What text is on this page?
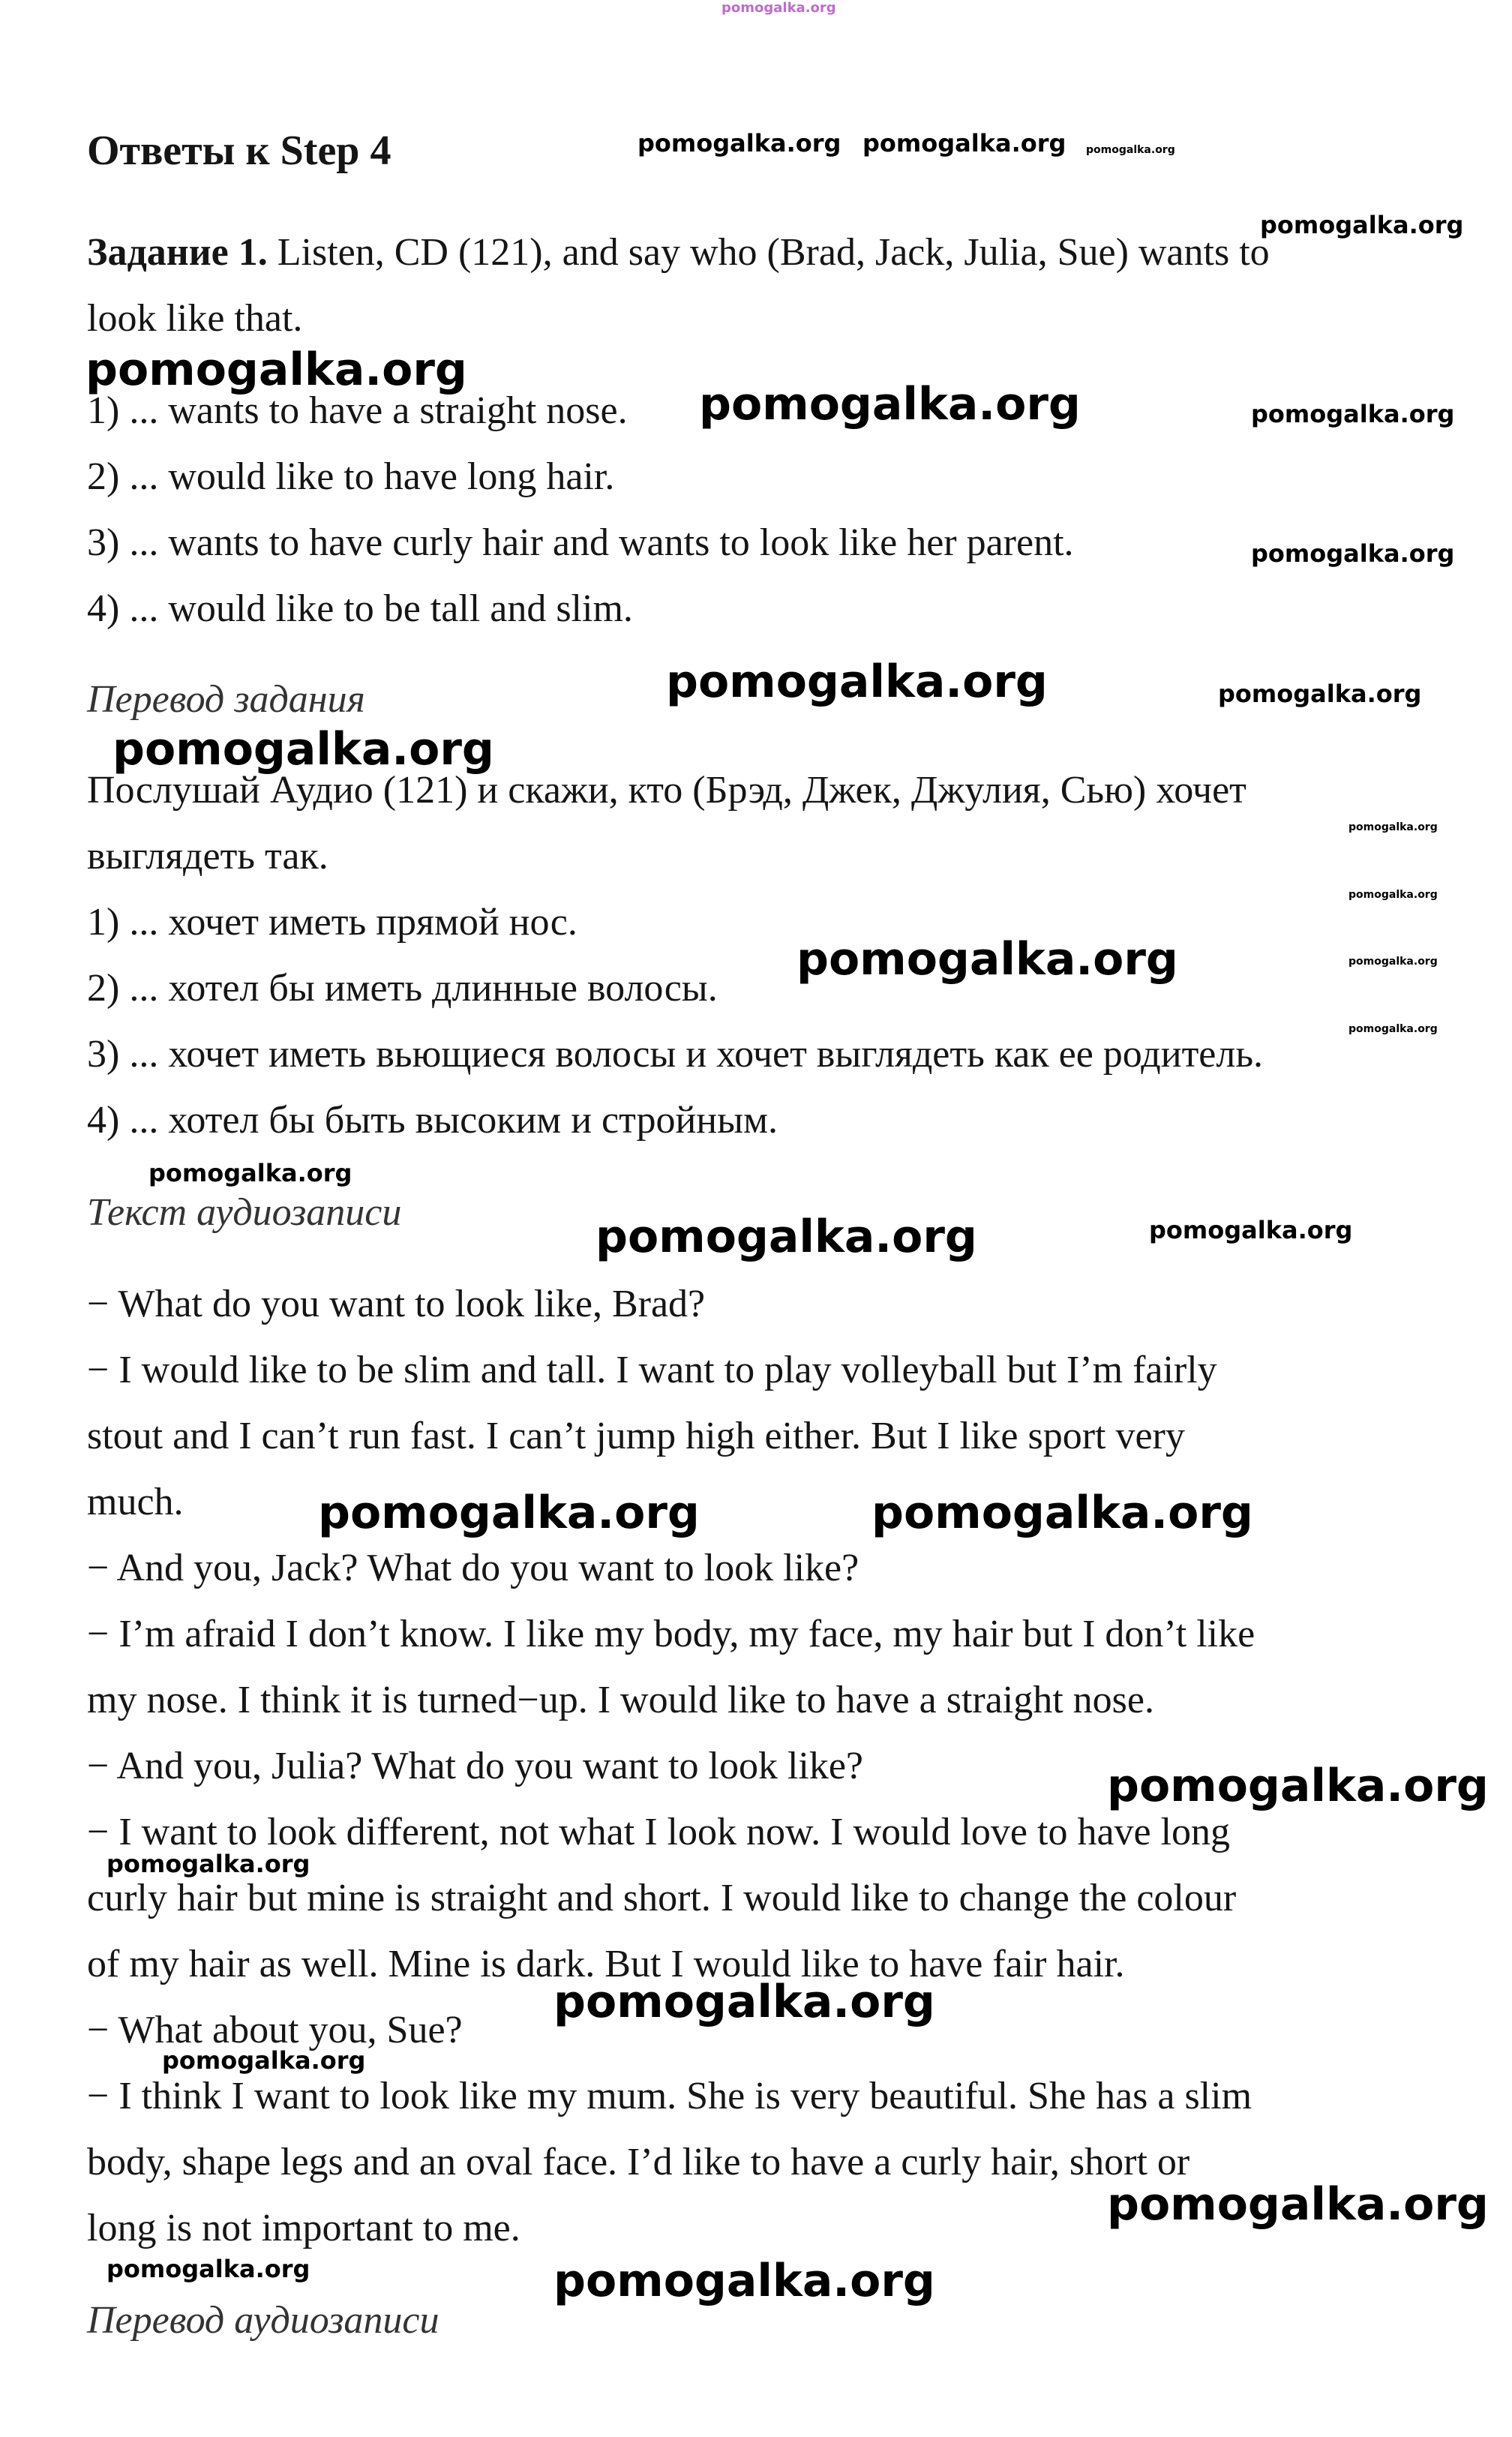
Ответы к Step 4
Задание 1. Listen, CD (121), and say who (Brad, Jack, Julia, Sue) wants to
look like that.
1) ... wants to have a straight nose.
2) ... would like to have long hair.
3) ... wants to have curly hair and wants to look like her parent.
4) ... would like to be tall and slim.
Перевод задания
Послушай Аудио (121) и скажи, кто (Брэд, Джек, Джулия, Сью) хочет
выглядеть так.
1) ... хочет иметь прямой нос.
2) ... хотел бы иметь длинные волосы.
3) ... хочет иметь вьющиеся волосы и хочет выглядеть как ее родитель.
4) ... хотел бы быть высоким и стройным.
Текст аудиозаписи
− What do you want to look like, Brad?
− I would like to be slim and tall. I want to play volleyball but I’m fairly
stout and I can’t run fast. I can’t jump high either. But I like sport very
much.
− And you, Jack? What do you want to look like?
− I’m afraid I don’t know. I like my body, my face, my hair but I don’t like
my nose. I think it is turned−up. I would like to have a straight nose.
− And you, Julia? What do you want to look like?
− I want to look different, not what I look now. I would love to have long
curly hair but mine is straight and short. I would like to change the colour
of my hair as well. Mine is dark. But I would like to have fair hair.
− What about you, Sue?
− I think I want to look like my mum. She is very beautiful. She has a slim
body, shape legs and an oval face. I’d like to have a curly hair, short or
long is not important to me.
Перевод аудиозаписи
pomogalka.org
pomogalka.org pomogalka.org pomogalka.org
pomogalka.org
pomogalka.org
pomogalka.org	pomogalka.org
pomogalka.org
pomogalka.org	pomogalka.org
pomogalka.org
pomogalka.org
pomogalka.org
pomogalka.org	pomogalka.org
pomogalka.org
pomogalka.org
pomogalka.org	pomogalka.org
pomogalka.org	pomogalka.org
pomogalka.org
pomogalka.org
pomogalka.org
pomogalka.org
pomogalka.org
pomogalka.org	pomogalka.org
